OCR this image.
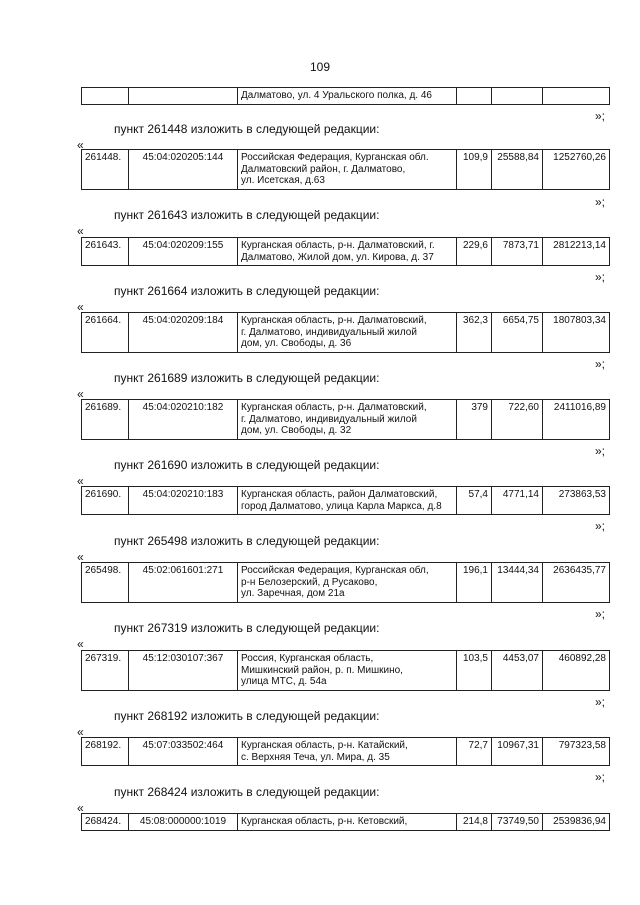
109

Далматово, ул. 4 Уральского полка, д. 46

»;
пункт 261448 изложить в следующей редакции:
«
261448.	45:04:020205:144	Российская Федерация, Курганская обл.
Далматовский район, г. Далматово,
ул. Исетская, д.63
	109,9	25588,84	1252760,26
»;
пункт 261643 изложить в следующей редакции:
«
261643.	45:04:020209:155	Курганская область, р-н. Далматовский, г.
Далматово, Жилой дом, ул. Кирова, д. 37
	229,6	7873,71	2812213,14
»;
пункт 261664 изложить в следующей редакции:
«
261664.	45:04:020209:184	Курганская область, р-н. Далматовский,
г. Далматово, индивидуальный жилой
дом, ул. Свободы, д. 36
	362,3	6654,75	1807803,34
»;
пункт 261689 изложить в следующей редакции:
«
261689.	45:04:020210:182	Курганская область, р-н. Далматовский,
г. Далматово, индивидуальный жилой
дом, ул. Свободы, д. 32
	379	722,60	2411016,89
»;
пункт 261690 изложить в следующей редакции:
«
261690.	45:04:020210:183	Курганская область, район Далматовский,
город Далматово, улица Карла Маркса, д.8
	57,4	4771,14	273863,53
»;
пункт 265498 изложить в следующей редакции:
«
265498.	45:02:061601:271	Российская Федерация, Курганская обл,
р-н Белозерский, д Русаково,
ул. Заречная, дом 21а
	196,1	13444,34	2636435,77
»;
пункт 267319 изложить в следующей редакции:
«
267319.	45:12:030107:367	Россия, Курганская область,
Мишкинский район, р. п. Мишкино,
улица МТС, д. 54а
	103,5	4453,07	460892,28
»;
пункт 268192 изложить в следующей редакции:
«
268192.	45:07:033502:464	Курганская область, р-н. Катайский,
с. Верхняя Теча, ул. Мира, д. 35
	72,7	10967,31	797323,58
»;
пункт 268424 изложить в следующей редакции:
«
268424.	45:08:000000:1019	Курганская область, р-н. Кетовский,	214,8	73749,50	2539836,94
